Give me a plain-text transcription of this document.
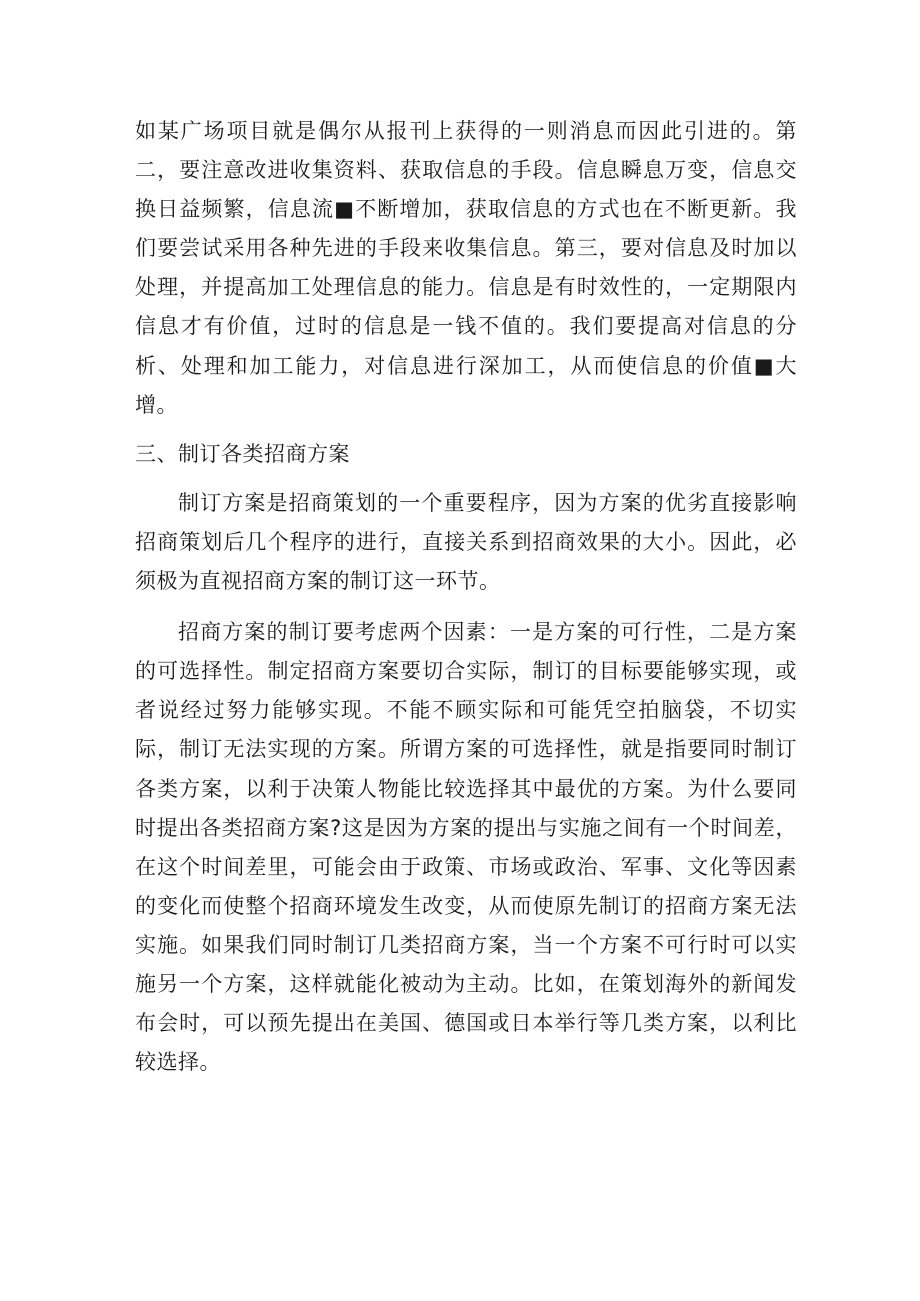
如某广场项目就是偶尔从报刊上获得的一则消息而因此引进的。第二，要注意改进收集资料、获取信息的手段。信息瞬息万变，信息交换日益频繁，信息流■不断增加，获取信息的方式也在不断更新。我们要尝试采用各种先进的手段来收集信息。第三，要对信息及时加以处理，并提高加工处理信息的能力。信息是有时效性的，一定期限内信息才有价值，过时的信息是一钱不值的。我们要提高对信息的分析、处理和加工能力，对信息进行深加工，从而使信息的价值■大增。

三、制订各类招商方案

制订方案是招商策划的一个重要程序，因为方案的优劣直接影响招商策划后几个程序的进行，直接关系到招商效果的大小。因此，必须极为直视招商方案的制订这一环节。

招商方案的制订要考虑两个因素：一是方案的可行性，二是方案的可选择性。制定招商方案要切合实际，制订的目标要能够实现，或者说经过努力能够实现。不能不顾实际和可能凭空拍脑袋，不切实际，制订无法实现的方案。所谓方案的可选择性，就是指要同时制订各类方案，以利于决策人物能比较选择其中最优的方案。为什么要同时提出各类招商方案?这是因为方案的提出与实施之间有一个时间差，在这个时间差里，可能会由于政策、市场或政治、军事、文化等因素的变化而使整个招商环境发生改变，从而使原先制订的招商方案无法实施。如果我们同时制订几类招商方案，当一个方案不可行时可以实施另一个方案，这样就能化被动为主动。比如，在策划海外的新闻发布会时，可以预先提出在美国、德国或日本举行等几类方案，以利比较选择。
